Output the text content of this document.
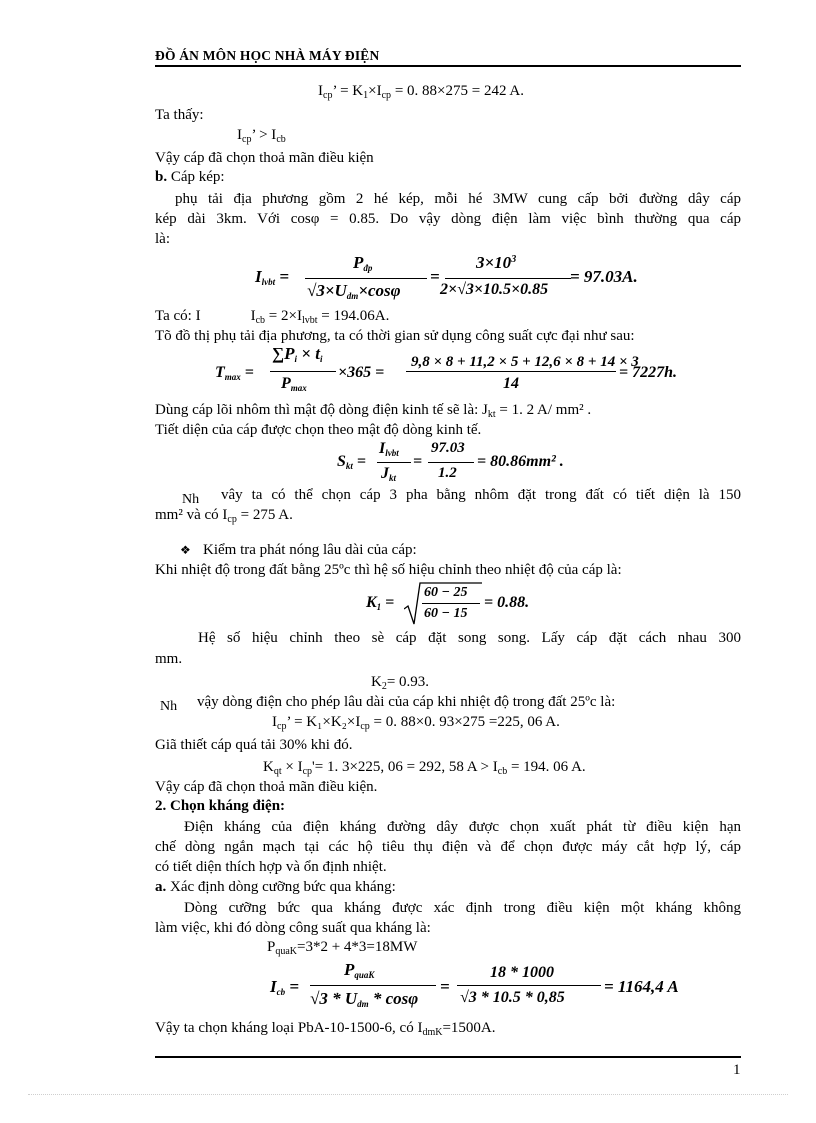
ĐỒ ÁN MÔN HỌC NHÀ MÁY ĐIỆN
$I_{cp}$’ = $K_1\times I_{cp} = 0$. 88×275 = 242 A.
Ta thấy:
$I_{cp}$’ > $I_{cb}$
Vậy cáp đã chọn thoả mãn điều kiện
b. Cáp kép:
phụ tải địa phương gồm 2 hé kép, mỗi hé 3MW cung cấp bởi đường dây cáp
kép dài 3km. Với cosφ = 0.85. Do vậy dòng điện làm việc bình thường qua cáp
là:
$I_{lvbt}$ =
$P_{đp}$
$√3\times U_{dm}\times\cos\varphi$
=
$3\times 10^3$
2×√3×10.5×0.85
= 97.03A.
Ta có: I	$I_{cb} = 2\times I_{lvbt} = 194.06A$.
Tõ đồ thị phụ tải địa phương, ta có thời gian sử dụng công suất cực đại như sau:
$T_{max}$ =
$\sum P_i \times t_i$
$P_{max}$
×365 =
9,8 × 8 + 11,2 × 5 + 12,6 × 8 + 14 × 3
14
= 7227h.
Dùng cáp lõi nhôm thì mật độ dòng điện kinh tế sẽ là: $J_{kt} = 1$. 2 A/ mm² .
Tiết diện của cáp được chọn theo mật độ dòng kinh tế.
$S_{kt}$ =
$I_{lvbt}$
$J_{kt}$
=
97.03
1.2
= 80.86mm² .
Nh vây ta có thể chọn cáp 3 pha bằng nhôm đặt trong đất có tiết diện là 150
mm² và có $I_{cp} = 275$ A.
❖ Kiểm tra phát nóng lâu dài của cáp:
Khi nhiệt độ trong đất bằng 25ºc thì hệ số hiệu chỉnh theo nhiệt độ của cáp là:
$K_1$ =
60 − 25
60 − 15
= 0.88.
Hệ số hiệu chỉnh theo sè cáp đặt song song. Lấy cáp đặt cách nhau 300
mm.
$K_2= 0.93$.
Nh vậy dòng điện cho phép lâu dài của cáp khi nhiệt độ trong đất 25ºc là:
$I_{cp}$’ = $K_1\times K_2\times I_{cp} = 0$. 88×0. 93×275 =225, 06 A.
Giã thiết cáp quá tải 30% khi đó.
$K_{qt} \times I_{cp}'= 1$. 3×225, 06 = 292, 58 $A > I_{cb} = 194$. 06 A.
Vậy cáp đã chọn thoả mãn điều kiện.
2. Chọn kháng điện:
Điện kháng của điện kháng đường dây được chọn xuất phát từ điều kiện hạn
chế dòng ngắn mạch tại các hộ tiêu thụ điện và để chọn được máy cắt hợp lý, cáp
có tiết diện thích hợp và ổn định nhiệt.
a. Xác định dòng cưỡng bức qua kháng:
Dòng cưỡng bức qua kháng được xác định trong điều kiện một kháng không
làm việc, khi đó dòng công suất qua kháng là:
$P_{quaK}=3*2 + 4*3=18MW$
$I_{cb}$ =
$P_{quaK}$
$√3 * U_{dm}$ * cosφ
=
18 * 1000
√3 * 10.5 * 0,85
= 1164,4 A
Vậy ta chọn kháng loại PbA-10-1500-6, có $I_{dmK}=1500A$.
1
